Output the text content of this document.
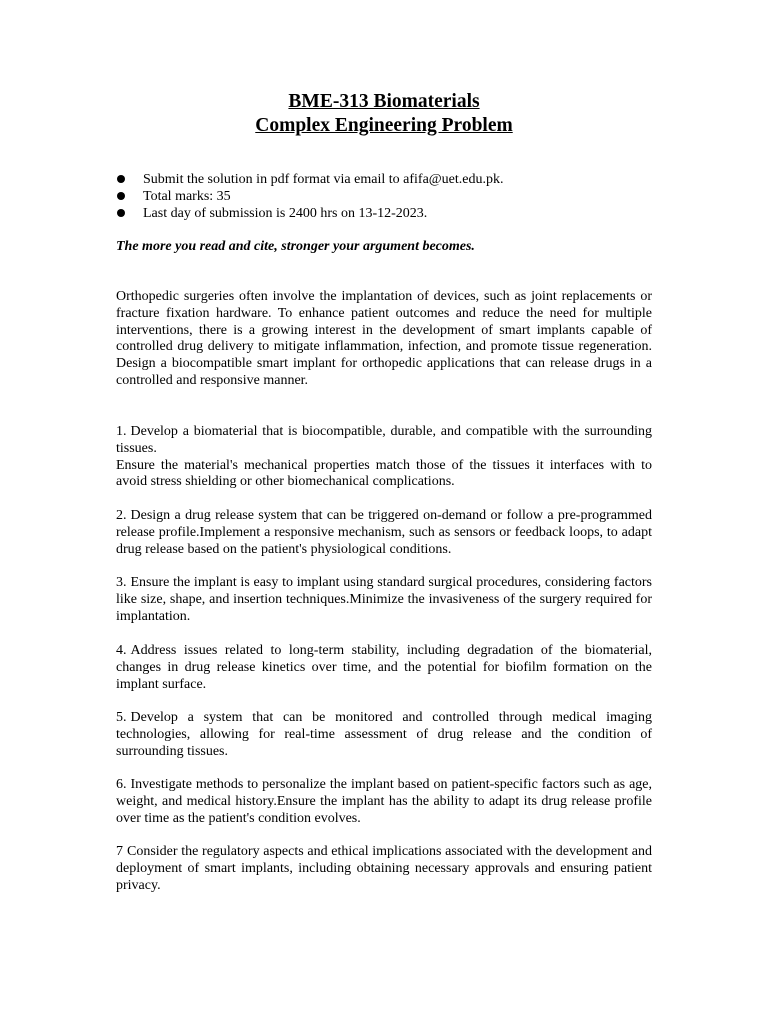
BME-313 Biomaterials
Complex Engineering Problem
Submit the solution in pdf format via email to afifa@uet.edu.pk.
Total marks: 35
Last day of submission is 2400 hrs on 13-12-2023.

The more you read and cite, stronger your argument becomes.

Orthopedic surgeries often involve the implantation of devices, such as joint replacements or fracture fixation hardware. To enhance patient outcomes and reduce the need for multiple interventions, there is a growing interest in the development of smart implants capable of controlled drug delivery to mitigate inflammation, infection, and promote tissue regeneration. Design a biocompatible smart implant for orthopedic applications that can release drugs in a controlled and responsive manner.

1. Develop a biomaterial that is biocompatible, durable, and compatible with the surrounding tissues.
Ensure the material's mechanical properties match those of the tissues it interfaces with to avoid stress shielding or other biomechanical complications.
2. Design a drug release system that can be triggered on-demand or follow a pre-programmed release profile.Implement a responsive mechanism, such as sensors or feedback loops, to adapt drug release based on the patient's physiological conditions.
3. Ensure the implant is easy to implant using standard surgical procedures, considering factors like size, shape, and insertion techniques.Minimize the invasiveness of the surgery required for implantation.
4. Address issues related to long-term stability, including degradation of the biomaterial, changes in drug release kinetics over time, and the potential for biofilm formation on the implant surface.
5. Develop a system that can be monitored and controlled through medical imaging technologies, allowing for real-time assessment of drug release and the condition of surrounding tissues.
6. Investigate methods to personalize the implant based on patient-specific factors such as age, weight, and medical history.Ensure the implant has the ability to adapt its drug release profile over time as the patient's condition evolves.
7 Consider the regulatory aspects and ethical implications associated with the development and deployment of smart implants, including obtaining necessary approvals and ensuring patient privacy.
